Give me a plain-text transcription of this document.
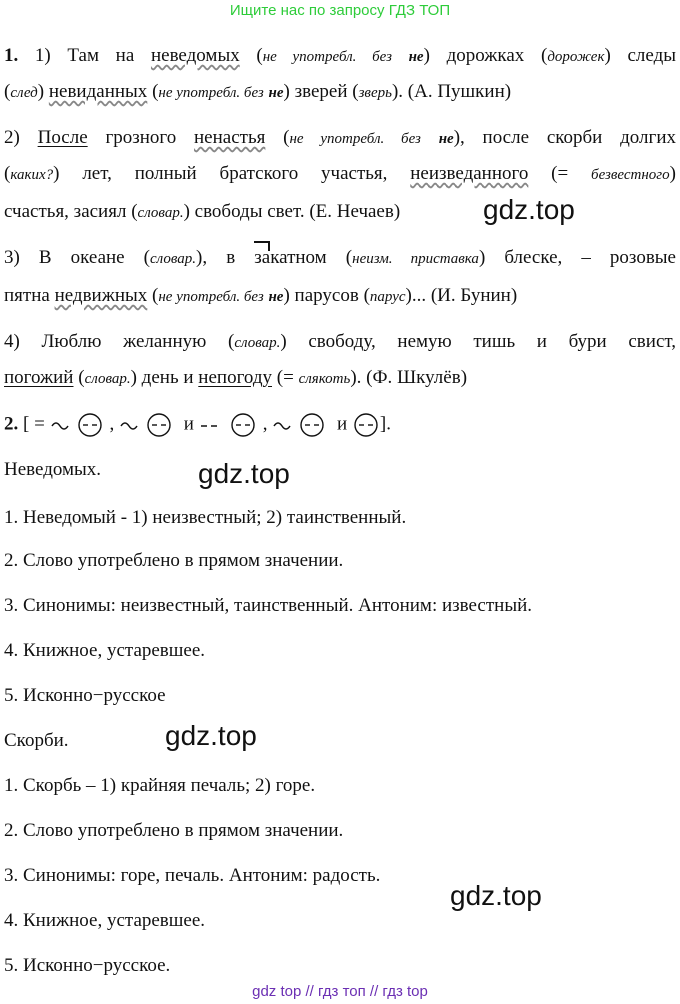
Ищите нас по запросу ГДЗ ТОП
1. 1) Там на неведомых (не употребл. без не) дорожках (дорожек) следы
(след) невиданных (не употребл. без не) зверей (зверь). (А. Пушкин)
2) После грозного ненастья (не употребл. без не), после скорби долгих
(каких?) лет, полный братского участья, неизведанного (= безвестного)
счастья, засиял (словар.) свободы свет. (Е. Нечаев)	gdz.top
3) В океане (словар.), в закатном (неизм. приставка) блеске, – розовые
пятна недвижных (не употребл. без не) парусов (парус)... (И. Бунин)
4) Люблю желанную (словар.) свободу, немую тишь и бури свист,
погожий (словар.) день и непогоду (= слякоть). (Ф. Шкулёв)
2. [ =	,	и	,	и ].
Неведомых.	gdz.top
1. Неведомый - 1) неизвестный; 2) таинственный.
2. Слово употреблено в прямом значении.
3. Синонимы: неизвестный, таинственный. Антоним: известный.
4. Книжное, устаревшее.
5. Исконно−русское
Скорби.	gdz.top
1. Скорбь – 1) крайняя печаль; 2) горе.
2. Слово употреблено в прямом значении.
3. Синонимы: горе, печаль. Антоним: радость.
gdz.top
4. Книжное, устаревшее.
5. Исконно−русское.
gdz top // гдз топ // гдз top
